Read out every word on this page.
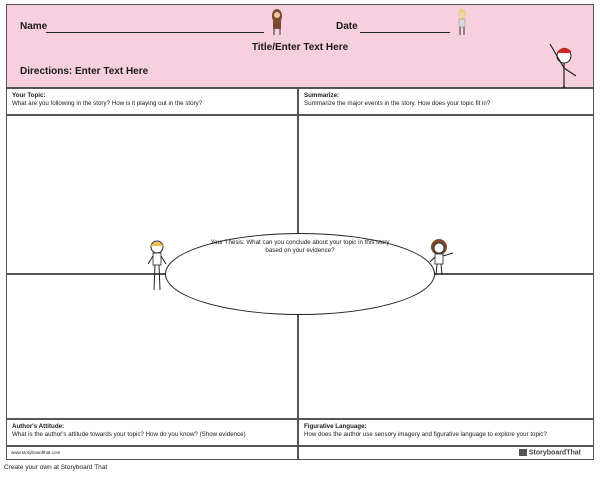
Name	Date
Title/Enter Text Here
Directions: Enter Text Here
Your Topic:
What are you following in the story? How is it playing out in the story?
Summarize:
Summarize the major events in the story. How does your topic fit in?
Author's Attitude:
What is the author's attitude towards your topic? How do you know? (Show evidence)
Figurative Language:
How does the author use sensory imagery and figurative language to explore your topic?
www.storyboardthat.com	StoryboardThat
Your Thesis: What can you conclude about your topic in this story based on your evidence?
Create your own at Storyboard That
